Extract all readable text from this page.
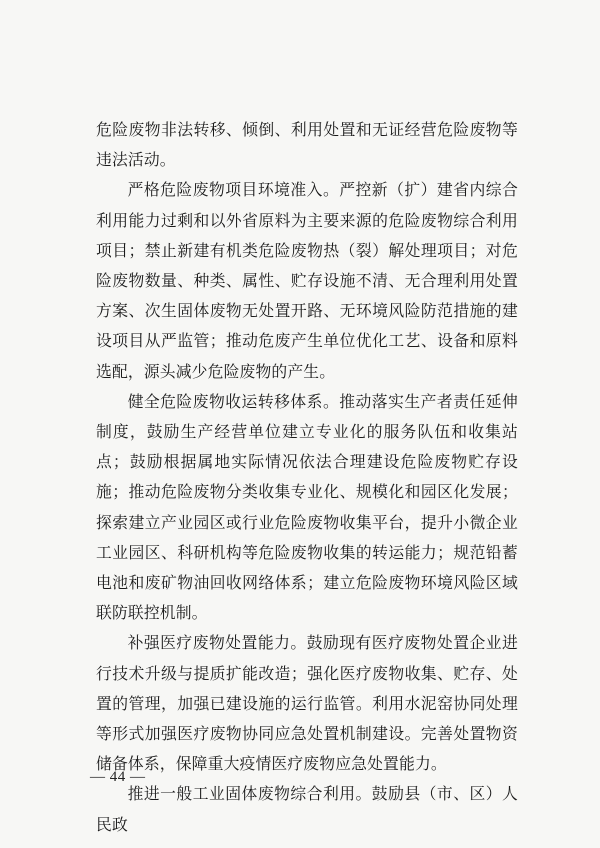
危险废物非法转移、倾倒、利用处置和无证经营危险废物等违法活动。

严格危险废物项目环境准入。严控新（扩）建省内综合利用能力过剩和以外省原料为主要来源的危险废物综合利用项目；禁止新建有机类危险废物热（裂）解处理项目；对危险废物数量、种类、属性、贮存设施不清、无合理利用处置方案、次生固体废物无处置开路、无环境风险防范措施的建设项目从严监管；推动危废产生单位优化工艺、设备和原料选配，源头减少危险废物的产生。

健全危险废物收运转移体系。推动落实生产者责任延伸制度，鼓励生产经营单位建立专业化的服务队伍和收集站点；鼓励根据属地实际情况依法合理建设危险废物贮存设施；推动危险废物分类收集专业化、规模化和园区化发展；探索建立产业园区或行业危险废物收集平台，提升小微企业工业园区、科研机构等危险废物收集的转运能力；规范铅蓄电池和废矿物油回收网络体系；建立危险废物环境风险区域联防联控机制。

补强医疗废物处置能力。鼓励现有医疗废物处置企业进行技术升级与提质扩能改造；强化医疗废物收集、贮存、处置的管理，加强已建设施的运行监管。利用水泥窑协同处理等形式加强医疗废物协同应急处置机制建设。完善处置物资储备体系，保障重大疫情医疗废物应急处置能力。

推进一般工业固体废物综合利用。鼓励县（市、区）人民政

— 44 —
